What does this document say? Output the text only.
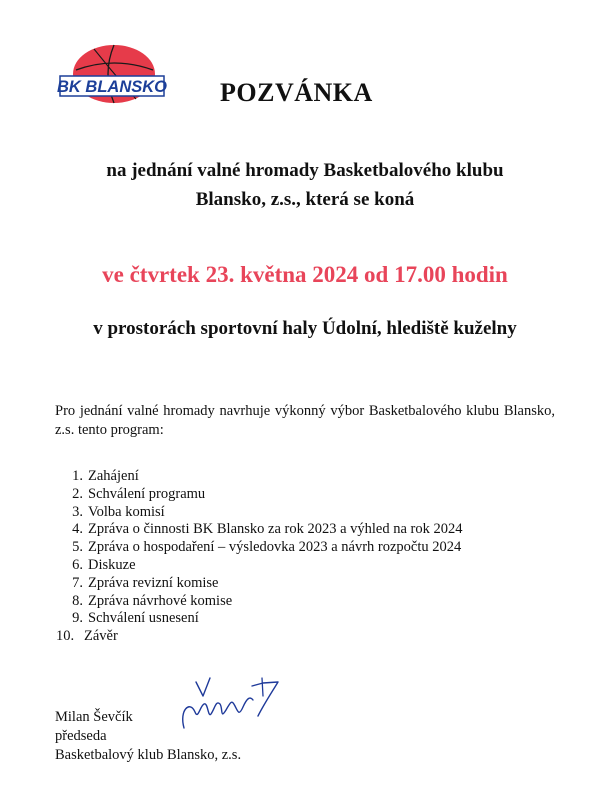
BK BLANSKO POZVÁNKA
na jednání valné hromady Basketbalového klubu
Blansko, z.s., která se koná
ve čtvrtek 23. května 2024 od 17.00 hodin
v prostorách sportovní haly Údolní, hlediště kuželny
Pro jednání valné hromady navrhuje výkonný výbor Basketbalového klubu Blansko, z.s. tento program:
1. Zahájení
2. Schválení programu
3. Volba komisí
4. Zpráva o činnosti BK Blansko za rok 2023 a výhled na rok 2024
5. Zpráva o hospodaření – výsledovka 2023 a návrh rozpočtu 2024
6. Diskuze
7. Zpráva revizní komise
8. Zpráva návrhové komise
9. Schválení usnesení
10. Závěr
Milan Ševčík
předseda
Basketbalový klub Blansko, z.s.
